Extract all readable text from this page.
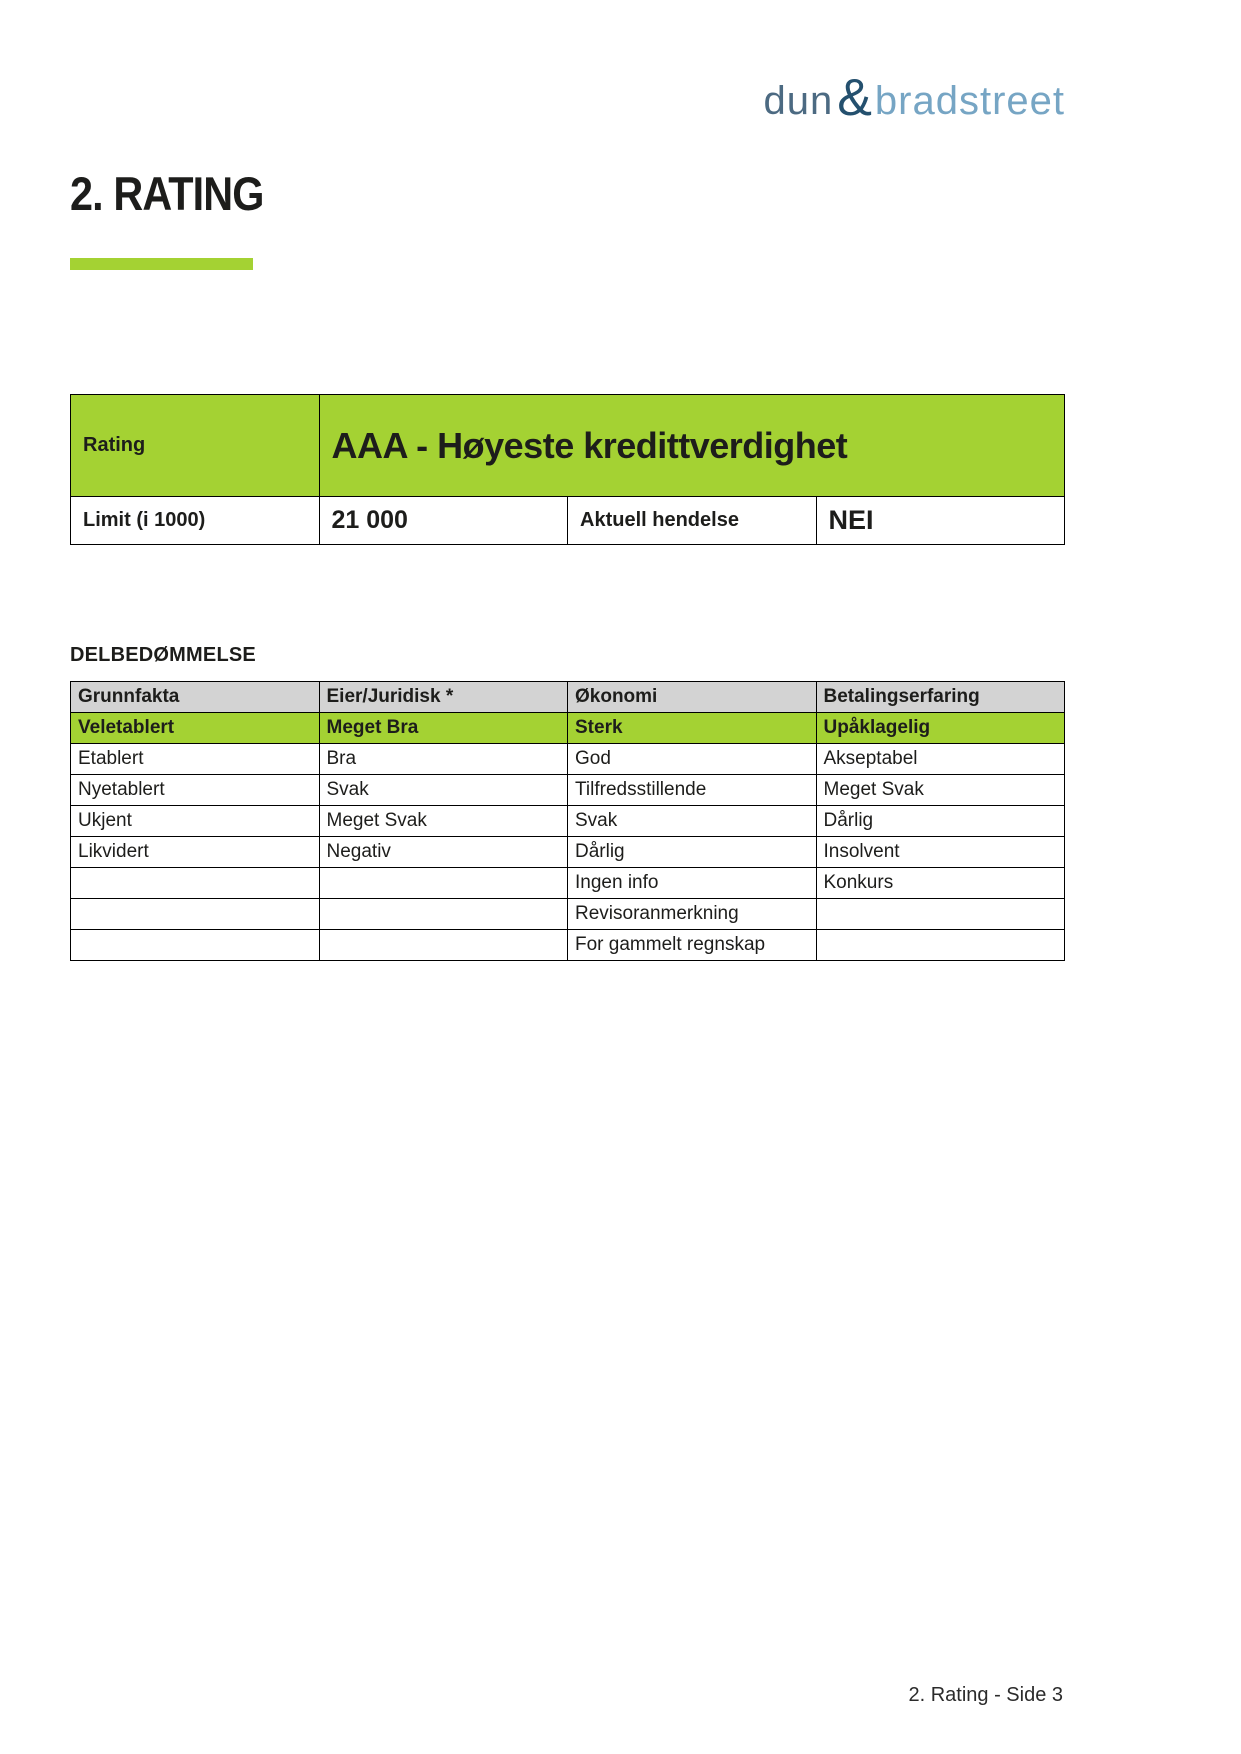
dun & bradstreet
2. RATING
Rating	AAA - Høyeste kredittverdighet		
Limit (i 1000)	21 000	Aktuell hendelse	NEI
DELBEDØMMELSE
Grunnfakta	Eier/Juridisk *	Økonomi	Betalingserfaring
Veletablert	Meget Bra	Sterk	Upåklagelig
Etablert	Bra	God	Akseptabel
Nyetablert	Svak	Tilfredsstillende	Meget Svak
Ukjent	Meget Svak	Svak	Dårlig
Likvidert	Negativ	Dårlig	Insolvent
		Ingen info	Konkurs
		Revisoranmerkning	
		For gammelt regnskap	
2. Rating - Side 3
